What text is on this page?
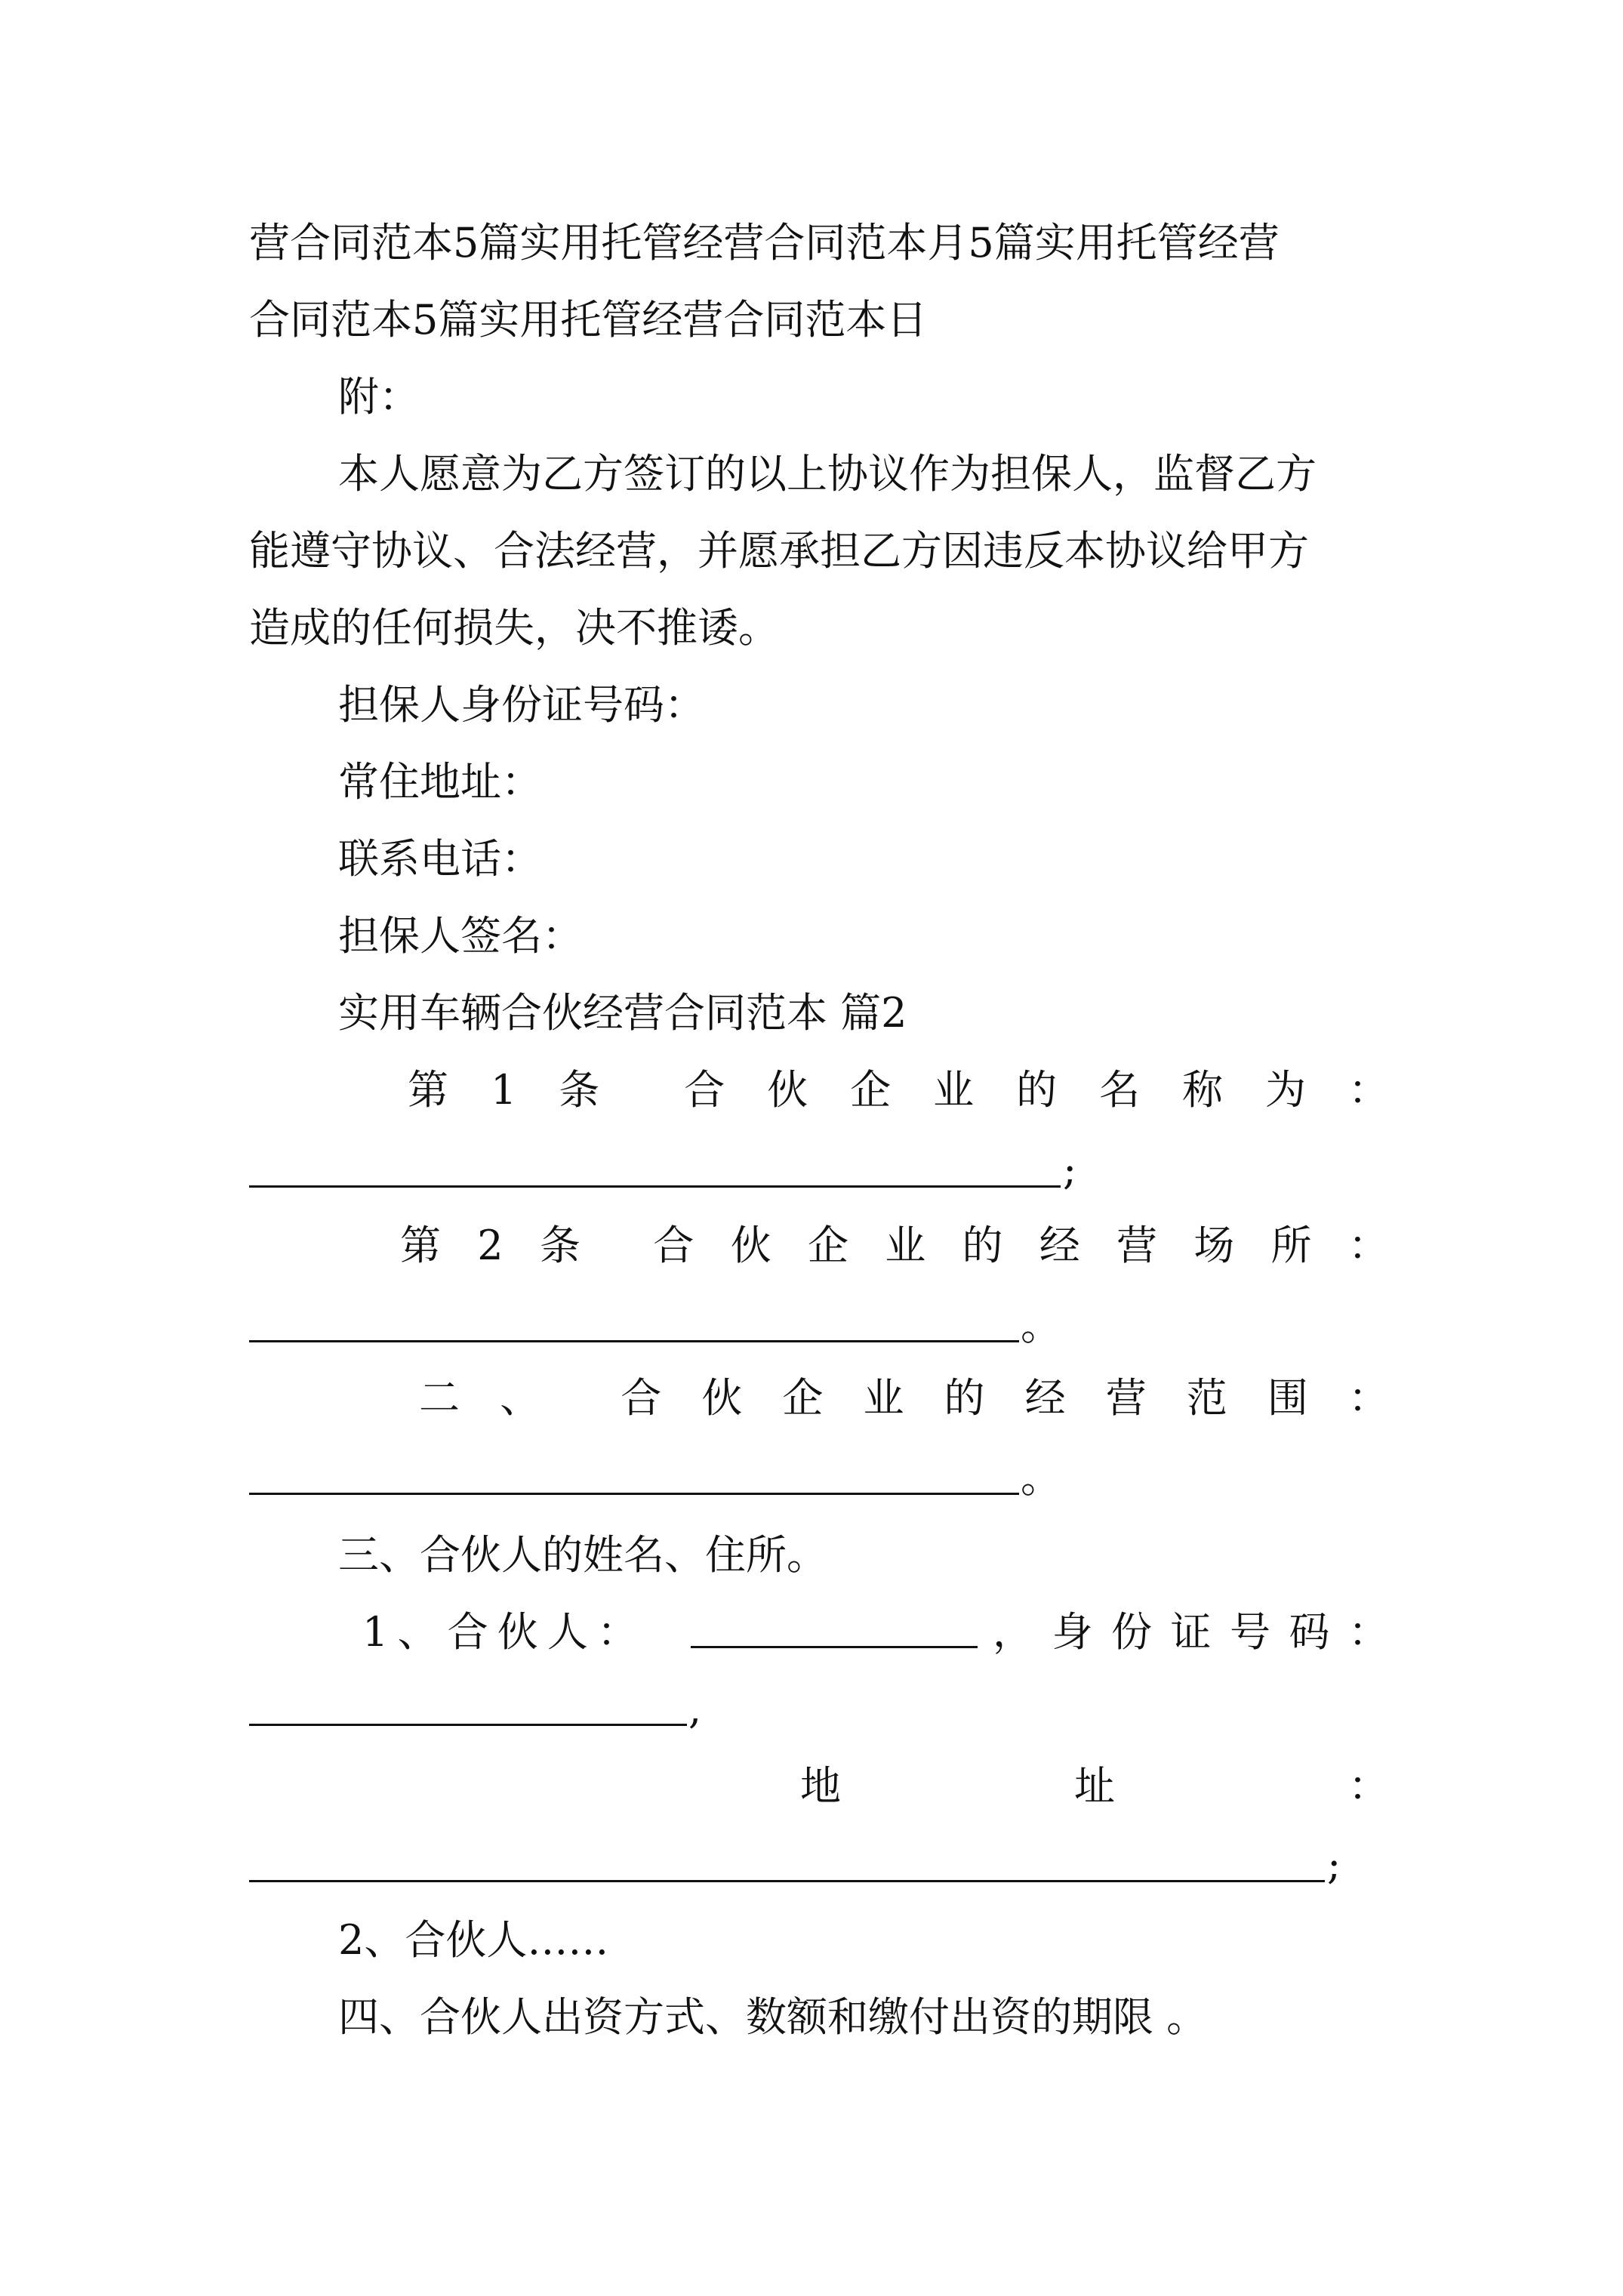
营合同范本5篇实用托管经营合同范本月5篇实用托管经营

合同范本5篇实用托管经营合同范本日

附：

本人愿意为乙方签订的以上协议作为担保人，监督乙方

能遵守协议、合法经营，并愿承担乙方因违反本协议给甲方

造成的任何损失，决不推诿。

担保人身份证号码：

常住地址：

联系电话：

担保人签名：

实用车辆合伙经营合同范本 篇2

第 1 条 合 伙 企 业 的 名 称 为 ：
;
第 2 条 合 伙 企 业 的 经 营 场 所 ：
。
二 、 合 伙 企 业 的 经 营 范 围 ：
。

三、合伙人的姓名、住所。

1 、 合 伙 人 ：	， 身 份 证 号 码 ：
,
地	址	：
;

2、合伙人……

四、合伙人出资方式、数额和缴付出资的期限 。
